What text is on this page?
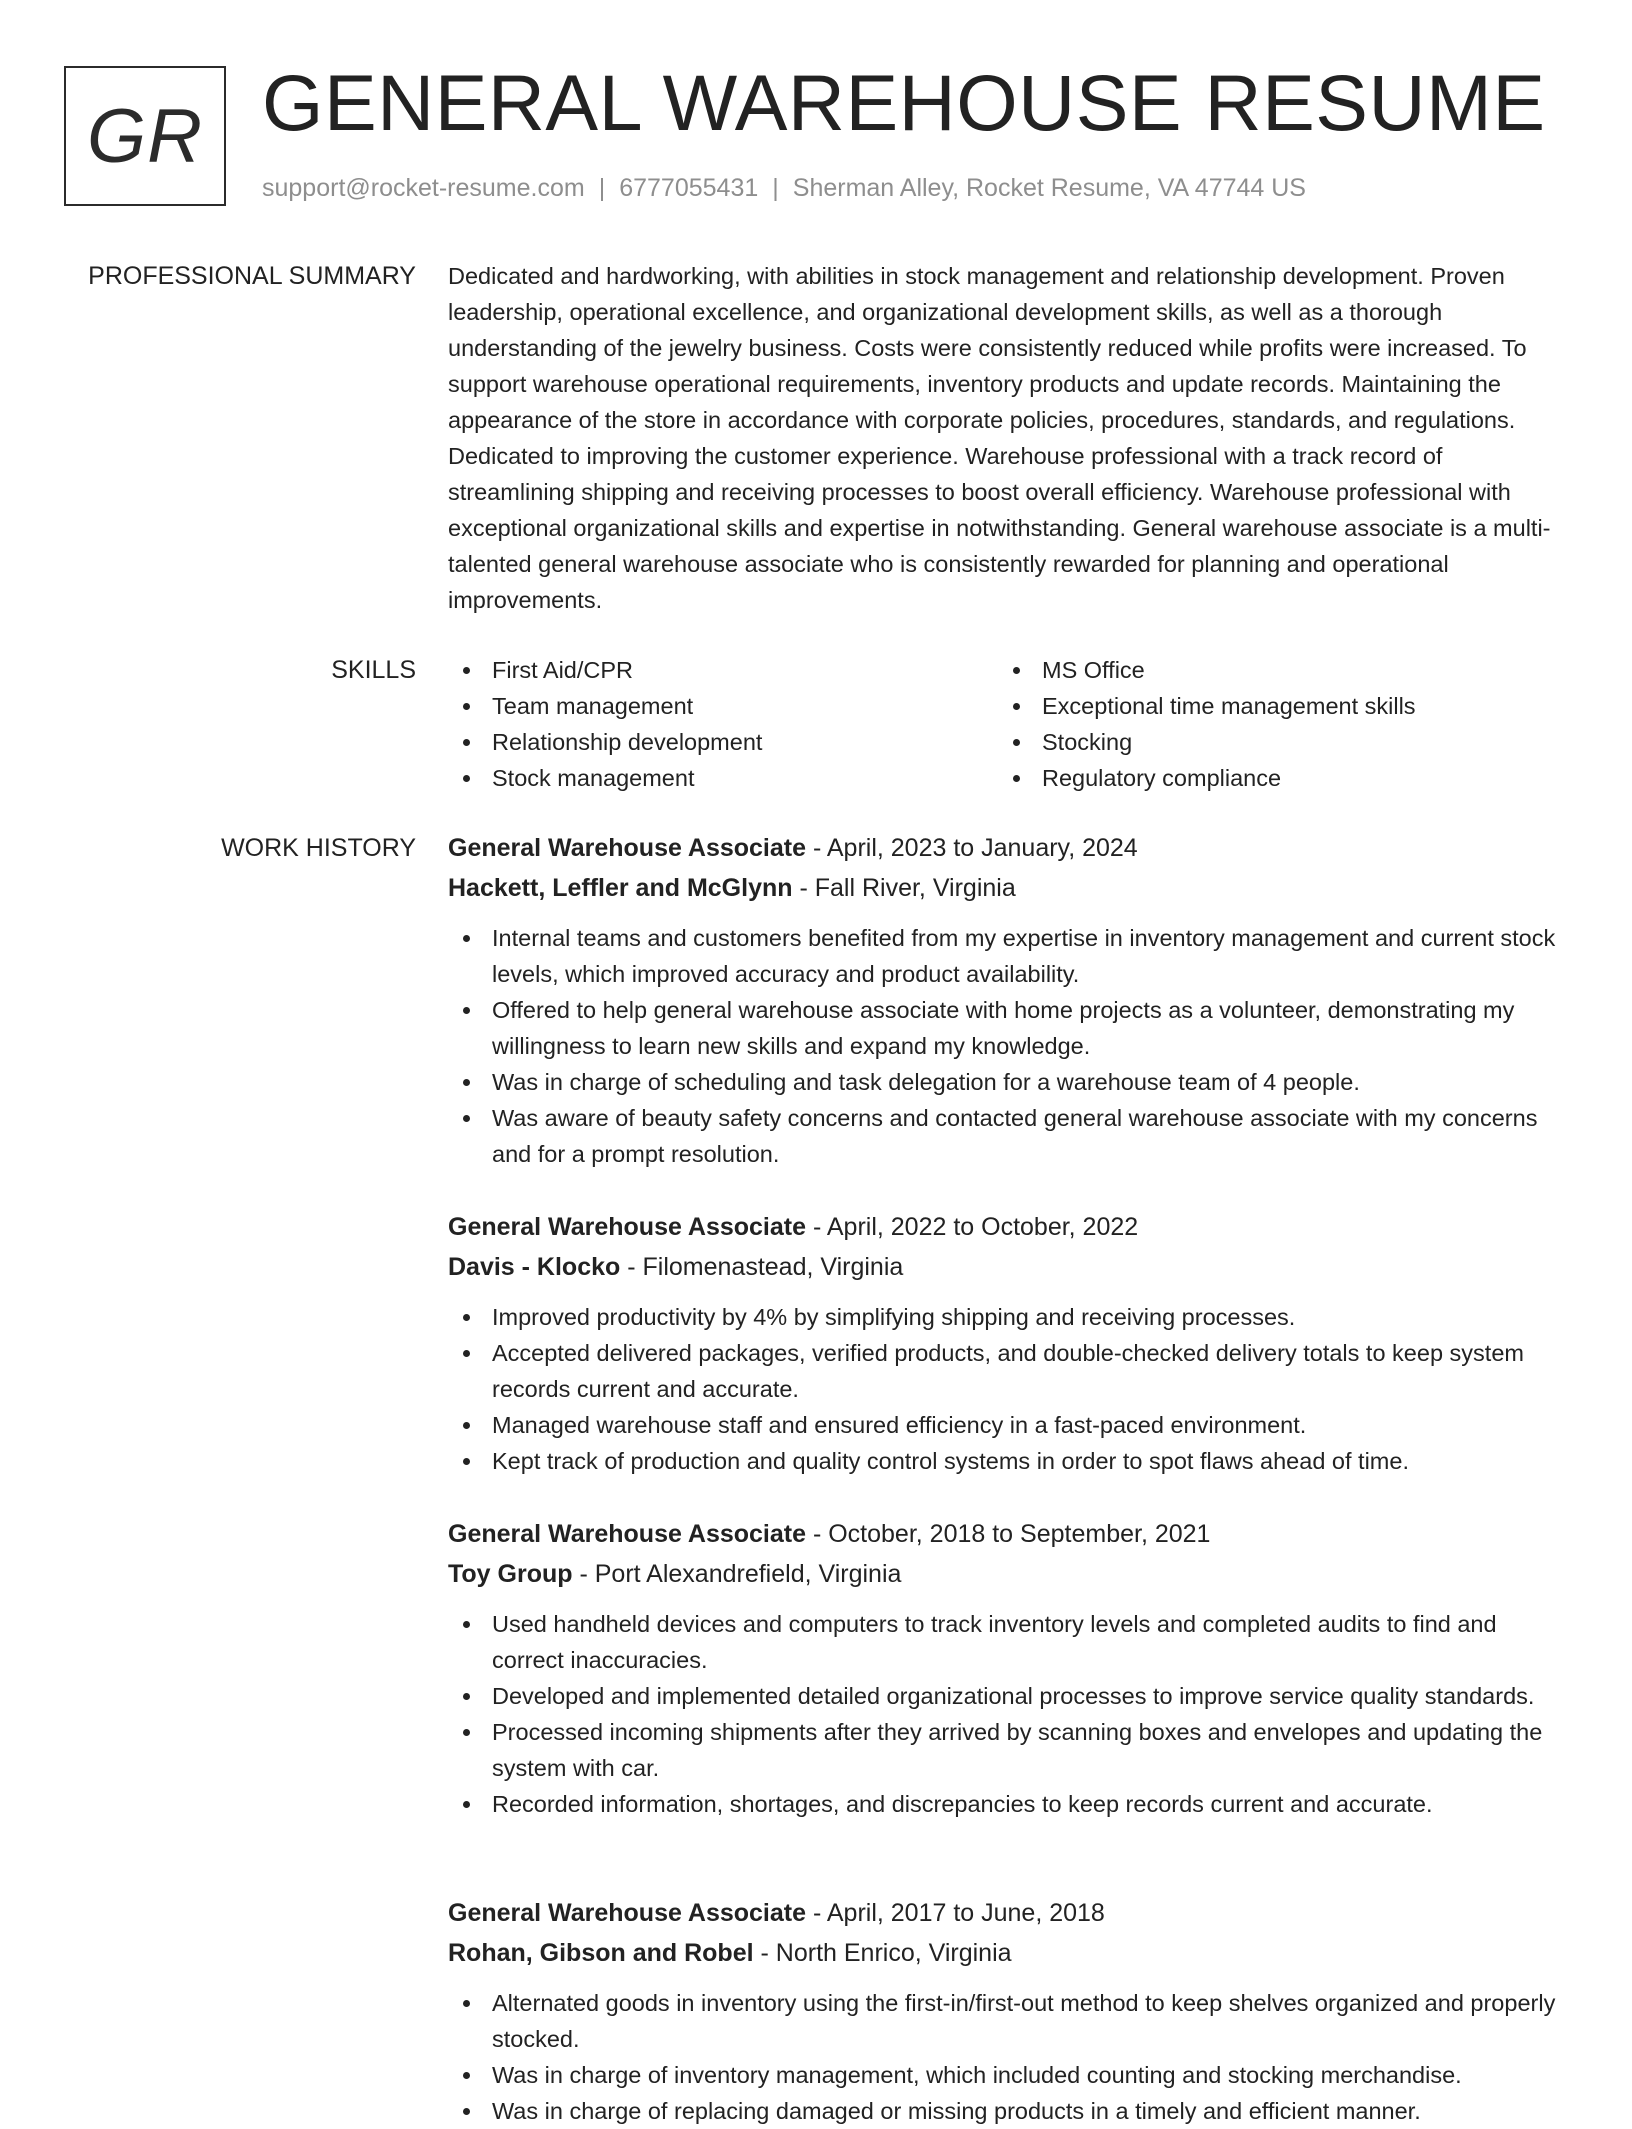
GR GENERAL WAREHOUSE RESUME
support@rocket-resume.com | 6777055431 | Sherman Alley, Rocket Resume, VA 47744 US
PROFESSIONAL SUMMARY Dedicated and hardworking, with abilities in stock management and relationship development. Proven leadership, operational excellence, and organizational development skills, as well as a thorough understanding of the jewelry business. Costs were consistently reduced while profits were increased. To support warehouse operational requirements, inventory products and update records. Maintaining the appearance of the store in accordance with corporate policies, procedures, standards, and regulations. Dedicated to improving the customer experience. Warehouse professional with a track record of streamlining shipping and receiving processes to boost overall efficiency. Warehouse professional with exceptional organizational skills and expertise in notwithstanding. General warehouse associate is a multi-talented general warehouse associate who is consistently rewarded for planning and operational improvements.

SKILLS	First Aid/CPR
Team management
Relationship development
Stock management
MS Office
Exceptional time management skills
Stocking
Regulatory compliance
WORK HISTORY General Warehouse Associate - April, 2023 to January, 2024
Hackett, Leffler and McGlynn - Fall River, Virginia
Internal teams and customers benefited from my expertise in inventory management and current stock levels, which improved accuracy and product availability.
Offered to help general warehouse associate with home projects as a volunteer, demonstrating my willingness to learn new skills and expand my knowledge.
Was in charge of scheduling and task delegation for a warehouse team of 4 people.
Was aware of beauty safety concerns and contacted general warehouse associate with my concerns and for a prompt resolution.
General Warehouse Associate - April, 2022 to October, 2022
Davis - Klocko - Filomenastead, Virginia
Improved productivity by 4% by simplifying shipping and receiving processes.
Accepted delivered packages, verified products, and double-checked delivery totals to keep system records current and accurate.
Managed warehouse staff and ensured efficiency in a fast-paced environment.
Kept track of production and quality control systems in order to spot flaws ahead of time.
General Warehouse Associate - October, 2018 to September, 2021
Toy Group - Port Alexandrefield, Virginia
Used handheld devices and computers to track inventory levels and completed audits to find and correct inaccuracies.
Developed and implemented detailed organizational processes to improve service quality standards.
Processed incoming shipments after they arrived by scanning boxes and envelopes and updating the system with car.
Recorded information, shortages, and discrepancies to keep records current and accurate.
General Warehouse Associate - April, 2017 to June, 2018
Rohan, Gibson and Robel - North Enrico, Virginia
Alternated goods in inventory using the first-in/first-out method to keep shelves organized and properly stocked.
Was in charge of inventory management, which included counting and stocking merchandise.
Was in charge of replacing damaged or missing products in a timely and efficient manner.
